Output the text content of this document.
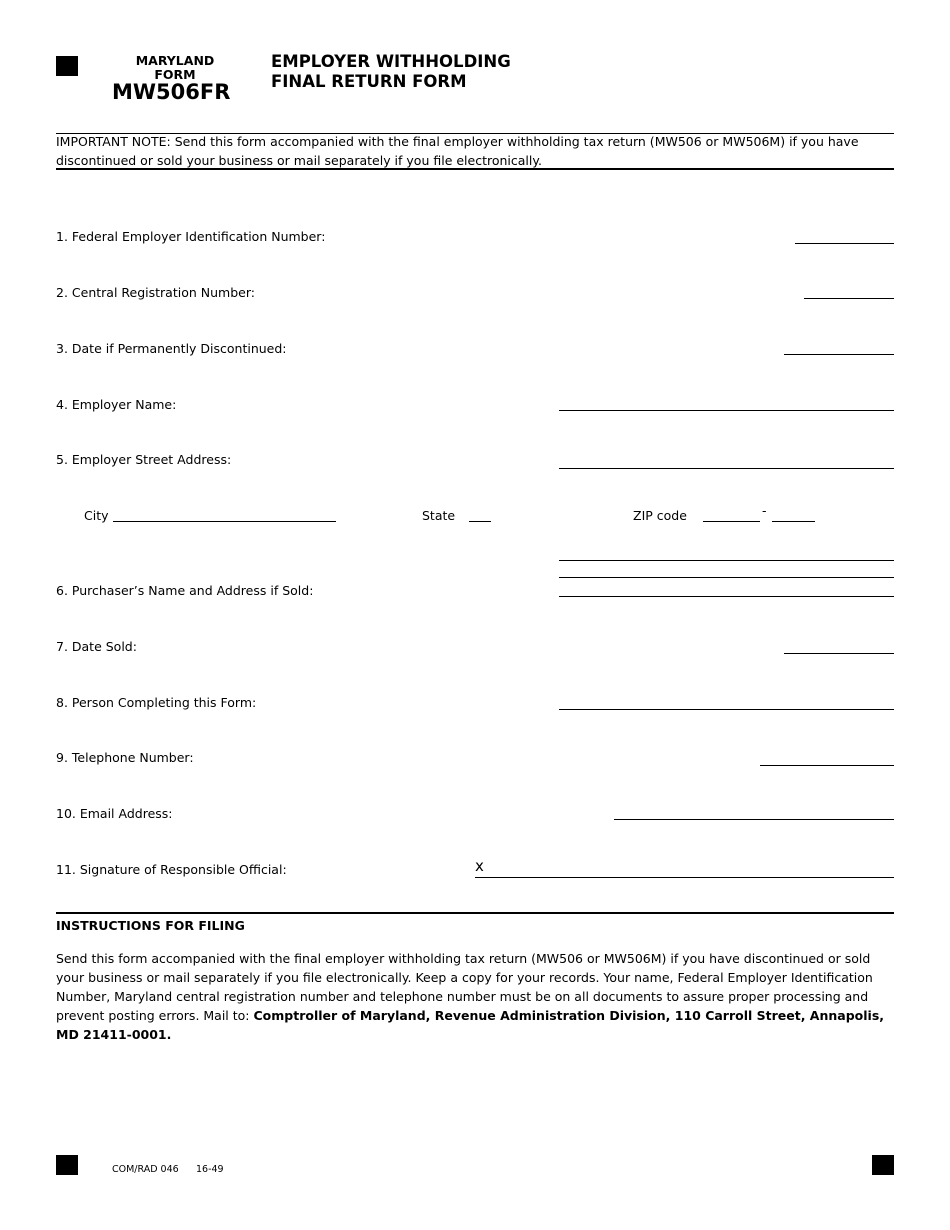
MARYLAND
FORM
MW506FR
EMPLOYER WITHHOLDING
FINAL RETURN FORM
IMPORTANT NOTE: Send this form accompanied with the final employer withholding tax return (MW506 or MW506M) if you have discontinued or sold your business or mail separately if you file electronically.
1. Federal Employer Identification Number:
2. Central Registration Number:
3. Date if Permanently Discontinued:
4. Employer Name:
5. Employer Street Address:
City	State	ZIP code	-
6. Purchaser’s Name and Address if Sold:
7. Date Sold:
8. Person Completing this Form:
9. Telephone Number:
10. Email Address:
11. Signature of Responsible Official:	x
INSTRUCTIONS FOR FILING
Send this form accompanied with the final employer withholding tax return (MW506 or MW506M) if you have discontinued or sold your business or mail separately if you file electronically. Keep a copy for your records. Your name, Federal Employer Identification Number, Maryland central registration number and telephone number must be on all documents to assure proper processing and prevent posting errors. Mail to: Comptroller of Maryland, Revenue Administration Division, 110 Carroll Street, Annapolis, MD 21411-0001.
COM/RAD 046 16-49
